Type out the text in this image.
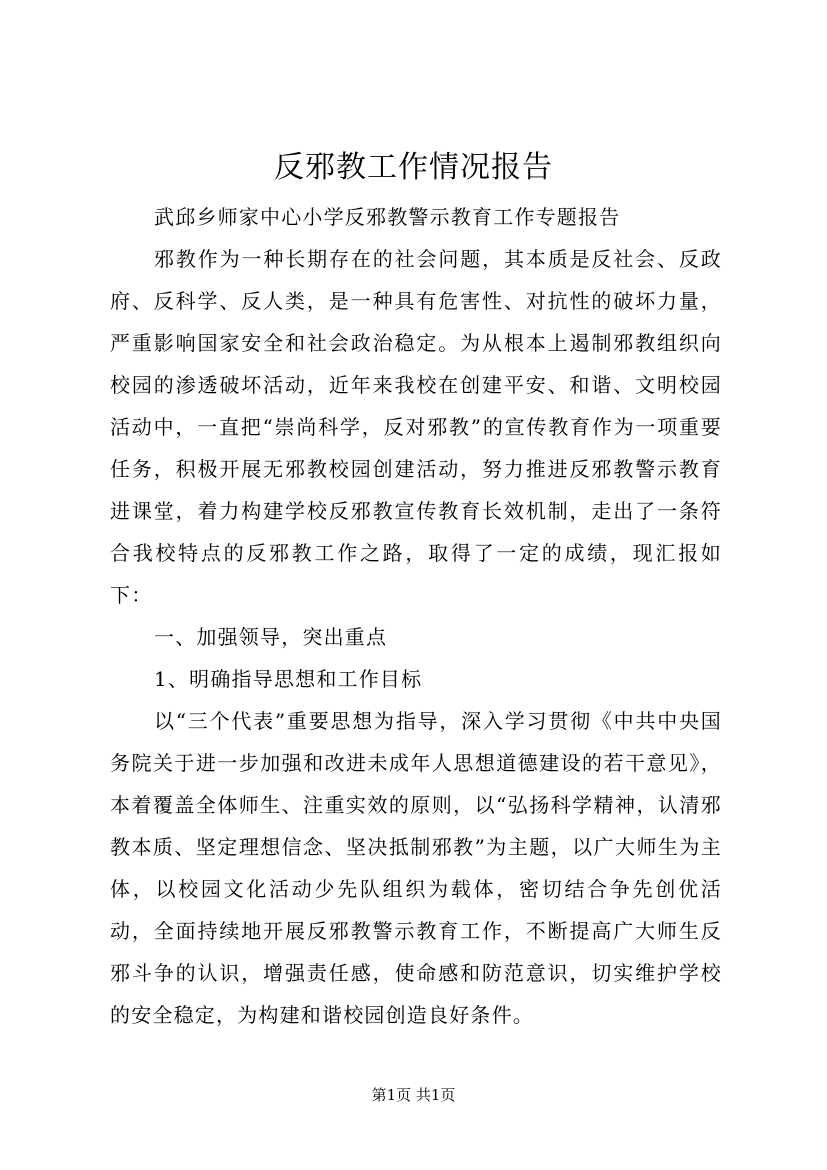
反邪教工作情况报告

武邱乡师家中心小学反邪教警示教育工作专题报告

邪教作为一种长期存在的社会问题，其本质是反社会、反政府、反科学、反人类，是一种具有危害性、对抗性的破坏力量，严重影响国家安全和社会政治稳定。为从根本上遏制邪教组织向校园的渗透破坏活动，近年来我校在创建平安、和谐、文明校园活动中，一直把“崇尚科学，反对邪教”的宣传教育作为一项重要任务，积极开展无邪教校园创建活动，努力推进反邪教警示教育进课堂，着力构建学校反邪教宣传教育长效机制，走出了一条符合我校特点的反邪教工作之路，取得了一定的成绩，现汇报如下：

一、加强领导，突出重点

1、明确指导思想和工作目标

以“三个代表”重要思想为指导，深入学习贯彻《中共中央国务院关于进一步加强和改进未成年人思想道德建设的若干意见》，本着覆盖全体师生、注重实效的原则，以“弘扬科学精神，认清邪教本质、坚定理想信念、坚决抵制邪教”为主题，以广大师生为主体，以校园文化活动少先队组织为载体，密切结合争先创优活动，全面持续地开展反邪教警示教育工作，不断提高广大师生反邪斗争的认识，增强责任感，使命感和防范意识，切实维护学校的安全稳定，为构建和谐校园创造良好条件。

第1页 共1页
